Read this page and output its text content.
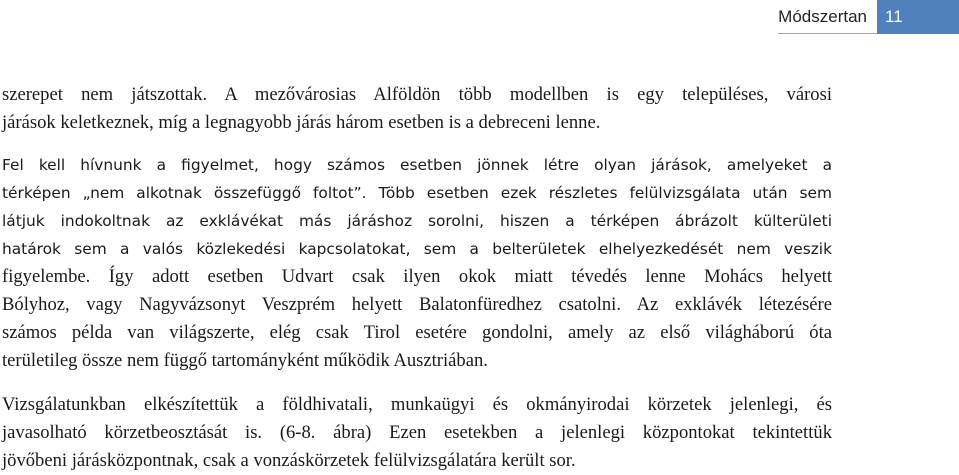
Módszertan	11
szerepet nem játszottak. A mezővárosias Alföldön több modellben is egy településes, városi
járások keletkeznek, míg a legnagyobb járás három esetben is a debreceni lenne.
Fel kell hívnunk a figyelmet, hogy számos esetben jönnek létre olyan járások, amelyeket a
térképen „nem alkotnak összefüggő foltot”. Több esetben ezek részletes felülvizsgálata után sem
látjuk indokoltnak az exklávékat más járáshoz sorolni, hiszen a térképen ábrázolt külterületi
határok sem a valós közlekedési kapcsolatokat, sem a belterületek elhelyezkedését nem veszik
figyelembe. Így adott esetben Udvart csak ilyen okok miatt tévedés lenne Mohács helyett
Bólyhoz, vagy Nagyvázsonyt Veszprém helyett Balatonfüredhez csatolni. Az exklávék létezésére
számos példa van világszerte, elég csak Tirol esetére gondolni, amely az első világháború óta
területileg össze nem függő tartományként működik Ausztriában.
Vizsgálatunkban elkészítettük a földhivatali, munkaügyi és okmányirodai körzetek jelenlegi, és
javasolható körzetbeosztását is. (6-8. ábra) Ezen esetekben a jelenlegi központokat tekintettük
jövőbeni járásközpontnak, csak a vonzáskörzetek felülvizsgálatára került sor.
